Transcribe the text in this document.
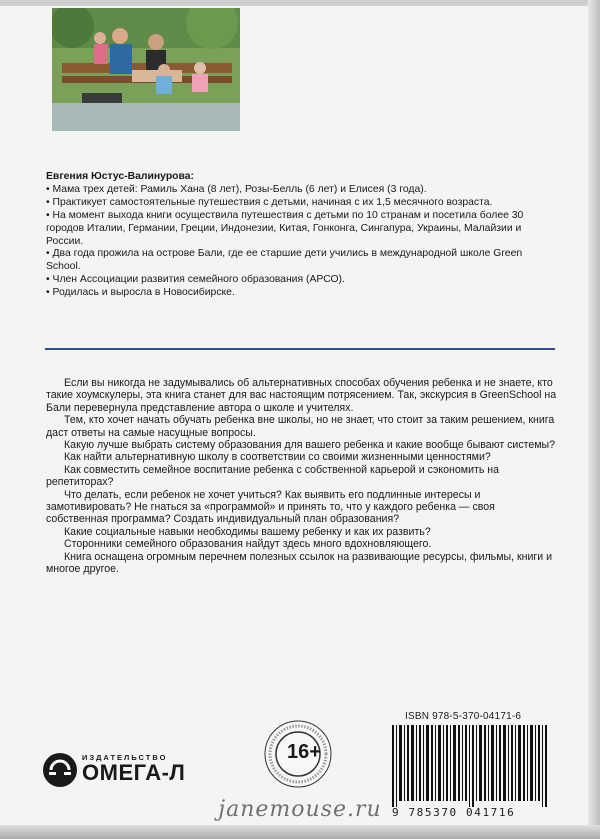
Евгения Юстус-Валинурова:
• Мама трех детей: Рамиль Хана (8 лет), Розы-Белль (6 лет) и Елисея (3 года).
• Практикует самостоятельные путешествия с детьми, начиная с их 1,5 месячного возраста.
• На момент выхода книги осуществила путешествия с детьми по 10 странам и посетила более 30 городов Италии, Германии, Греции, Индонезии, Китая, Гонконга, Сингапура, Украины, Малайзии и России.
• Два года прожила на острове Бали, где ее старшие дети учились в международной школе Green School.
• Член Ассоциации развития семейного образования (АРСО).
• Родилась и выросла в Новосибирске.

Если вы никогда не задумывались об альтернативных способах обучения ребенка и не знаете, кто такие хоумскулеры, эта книга станет для вас настоящим потрясением. Так, экскурсия в GreenSchool на Бали перевернула представление автора о школе и учителях.

Тем, кто хочет начать обучать ребенка вне школы, но не знает, что стоит за таким решением, книга даст ответы на самые насущные вопросы.

Какую лучше выбрать систему образования для вашего ребенка и какие вообще бывают системы?

Как найти альтернативную школу в соответствии со своими жизненными ценностями?

Как совместить семейное воспитание ребенка с собственной карьерой и сэкономить на репетиторах?

Что делать, если ребенок не хочет учиться? Как выявить его подлинные интересы и замотивировать? Не гнаться за «программой» и принять то, что у каждого ребенка — своя собственная программа? Создать индивидуальный план образования?

Какие социальные навыки необходимы вашему ребенку и как их развить?

Сторонники семейного образования найдут здесь много вдохновляющего.

Книга оснащена огромным перечнем полезных ссылок на развивающие ресурсы, фильмы, книги и многое другое.

ИЗДАТЕЛЬСТВО
ОМЕГА-Л
16+
ISBN 978-5-370-04171-6
9 785370 041716
janemouse.ru
